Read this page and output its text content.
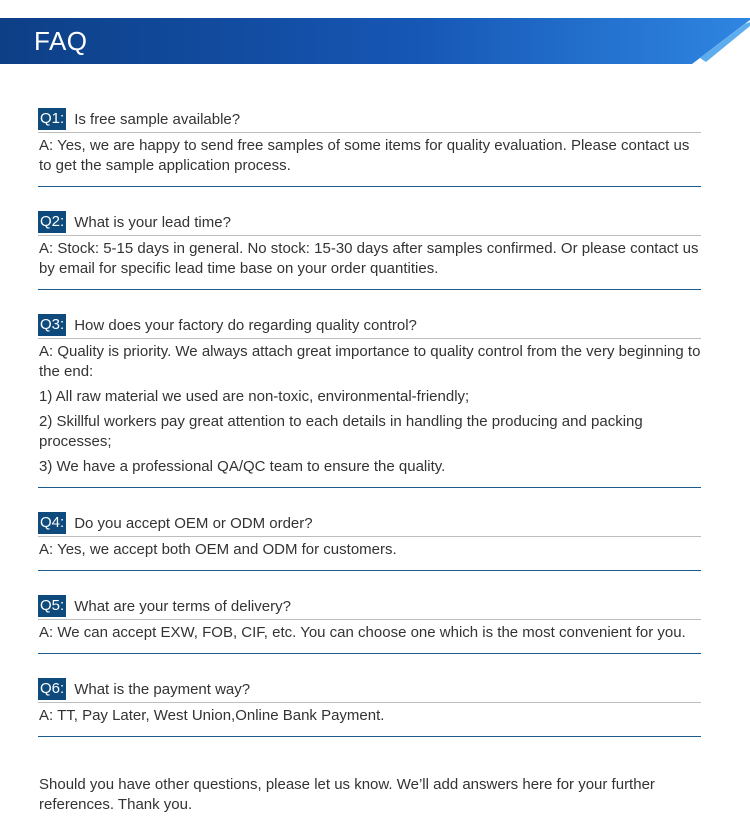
FAQ
Q1: Is free sample available?

A: Yes, we are happy to send free samples of some items for quality evaluation. Please contact us to get the sample application process.

Q2: What is your lead time?

A: Stock: 5-15 days in general. No stock: 15-30 days after samples confirmed. Or please contact us by email for specific lead time base on your order quantities.

Q3: How does your factory do regarding quality control?

A: Quality is priority. We always attach great importance to quality control from the very beginning to the end:

1) All raw material we used are non-toxic, environmental-friendly;

2) Skillful workers pay great attention to each details in handling the producing and packing processes;

3) We have a professional QA/QC team to ensure the quality.

Q4: Do you accept OEM or ODM order?

A: Yes, we accept both OEM and ODM for customers.

Q5: What are your terms of delivery?

A: We can accept EXW, FOB, CIF, etc. You can choose one which is the most convenient for you.

Q6: What is the payment way?

A: TT, Pay Later, West Union,Online Bank Payment.

Should you have other questions, please let us know. We’ll add answers here for your further references. Thank you.
